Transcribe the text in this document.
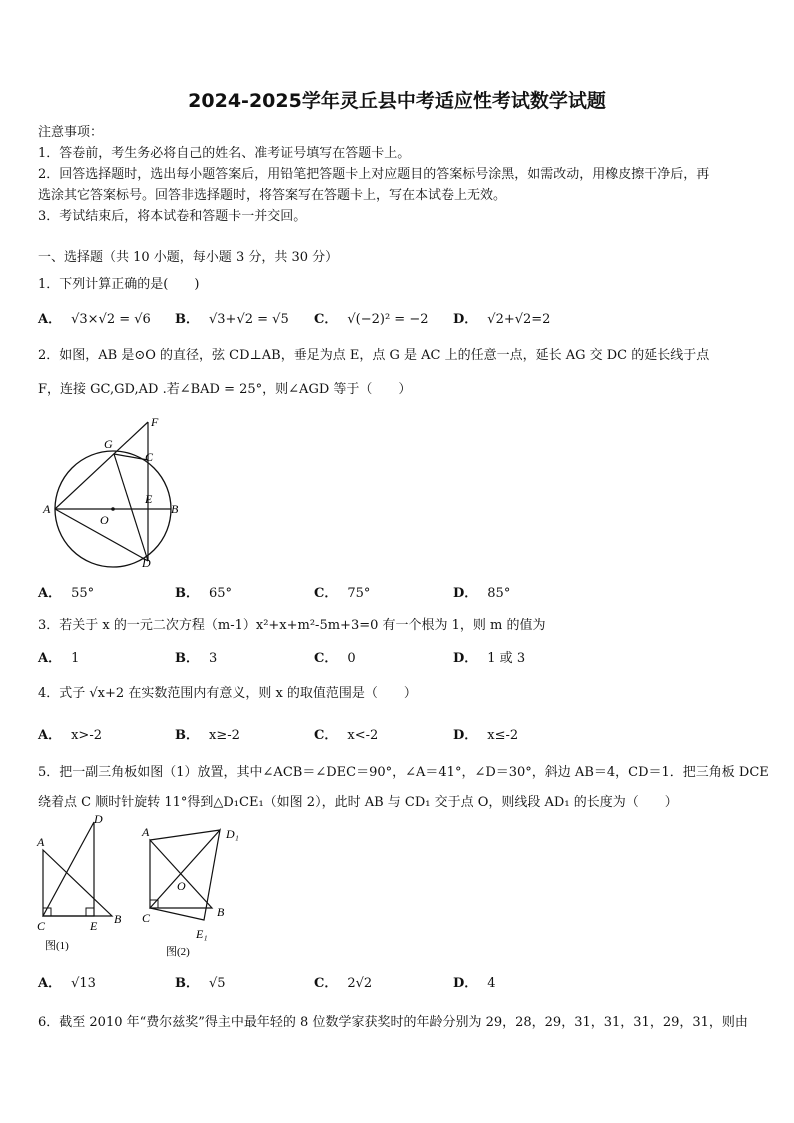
2024-2025学年灵丘县中考适应性考试数学试题
注意事项：
1．答卷前，考生务必将自己的姓名、准考证号填写在答题卡上。
2．回答选择题时，选出每小题答案后，用铅笔把答题卡上对应题目的答案标号涂黑，如需改动，用橡皮擦干净后，再
选涂其它答案标号。回答非选择题时，将答案写在答题卡上，写在本试卷上无效。
3．考试结束后，将本试卷和答题卡一并交回。
一、选择题（共 10 小题，每小题 3 分，共 30 分）
1．下列计算正确的是(　　)
A． √3×√2 = √6 B． √3+√2 = √5 C． √(−2)² = −2 D． √2+√2=2
2．如图，AB 是⊙O 的直径，弦 CD⊥AB，垂足为点 E，点 G 是 AC 上的任意一点，延长 AG 交 DC 的延长线于点
F，连接 GC,GD,AD .若∠BAD = 25°，则∠AGD 等于（　　）
F
G
C
E
A
O
B
D
A． 55°	B． 65°	C． 75°	D． 85°
3．若关于 x 的一元二次方程（m-1）x²+x+m²-5m+3=0 有一个根为 1，则 m 的值为
A． 1	B． 3	C． 0	D． 1 或 3
4．式子 √x+2 在实数范围内有意义，则 x 的取值范围是（　　）
A． x>-2	B． x≥-2	C． x<-2	D． x≤-2
5．把一副三角板如图（1）放置，其中∠ACB＝∠DEC＝90°，∠A＝41°，∠D＝30°，斜边 AB＝4，CD＝1．把三角板 DCE
绕着点 C 顺时针旋转 11°得到△D₁CE₁（如图 2），此时 AB 与 CD₁ 交于点 O，则线段 AD₁ 的长度为（　　）
D
A
C	E B
图(1)
A	D₁
O
C	B
E₁
图(2)
A． √13	B． √5	C． 2√2	D． 4
6．截至 2010 年“费尔兹奖”得主中最年轻的 8 位数学家获奖时的年龄分别为 29，28，29，31，31，31，29，31，则由
